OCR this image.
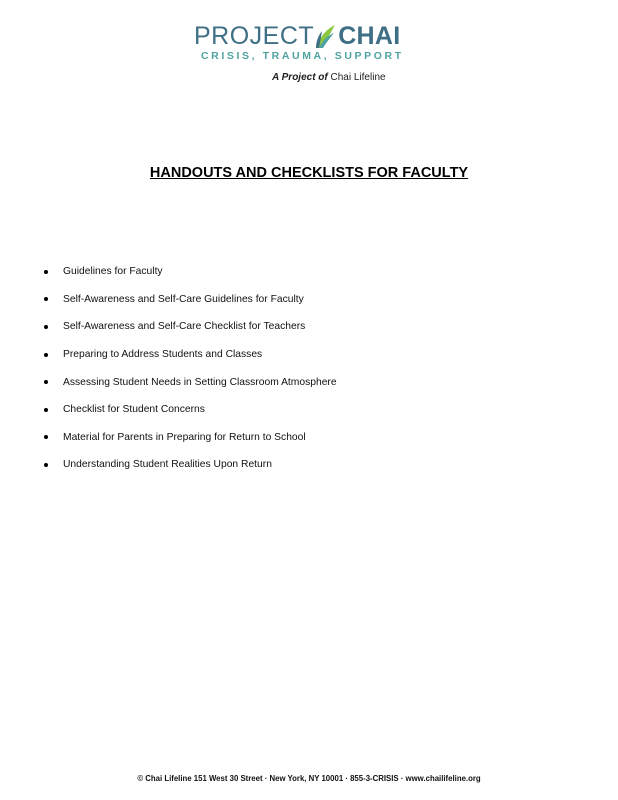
PROJECT CHAI
CRISIS, TRAUMA, SUPPORT
A Project of Chai Lifeline
HANDOUTS AND CHECKLISTS FOR FACULTY
Guidelines for Faculty
Self-Awareness and Self-Care Guidelines for Faculty
Self-Awareness and Self-Care Checklist for Teachers
Preparing to Address Students and Classes
Assessing Student Needs in Setting Classroom Atmosphere
Checklist for Student Concerns
Material for Parents in Preparing for Return to School
Understanding Student Realities Upon Return
© Chai Lifeline 151 West 30 Street · New York, NY 10001 · 855-3-CRISIS · www.chailifeline.org
